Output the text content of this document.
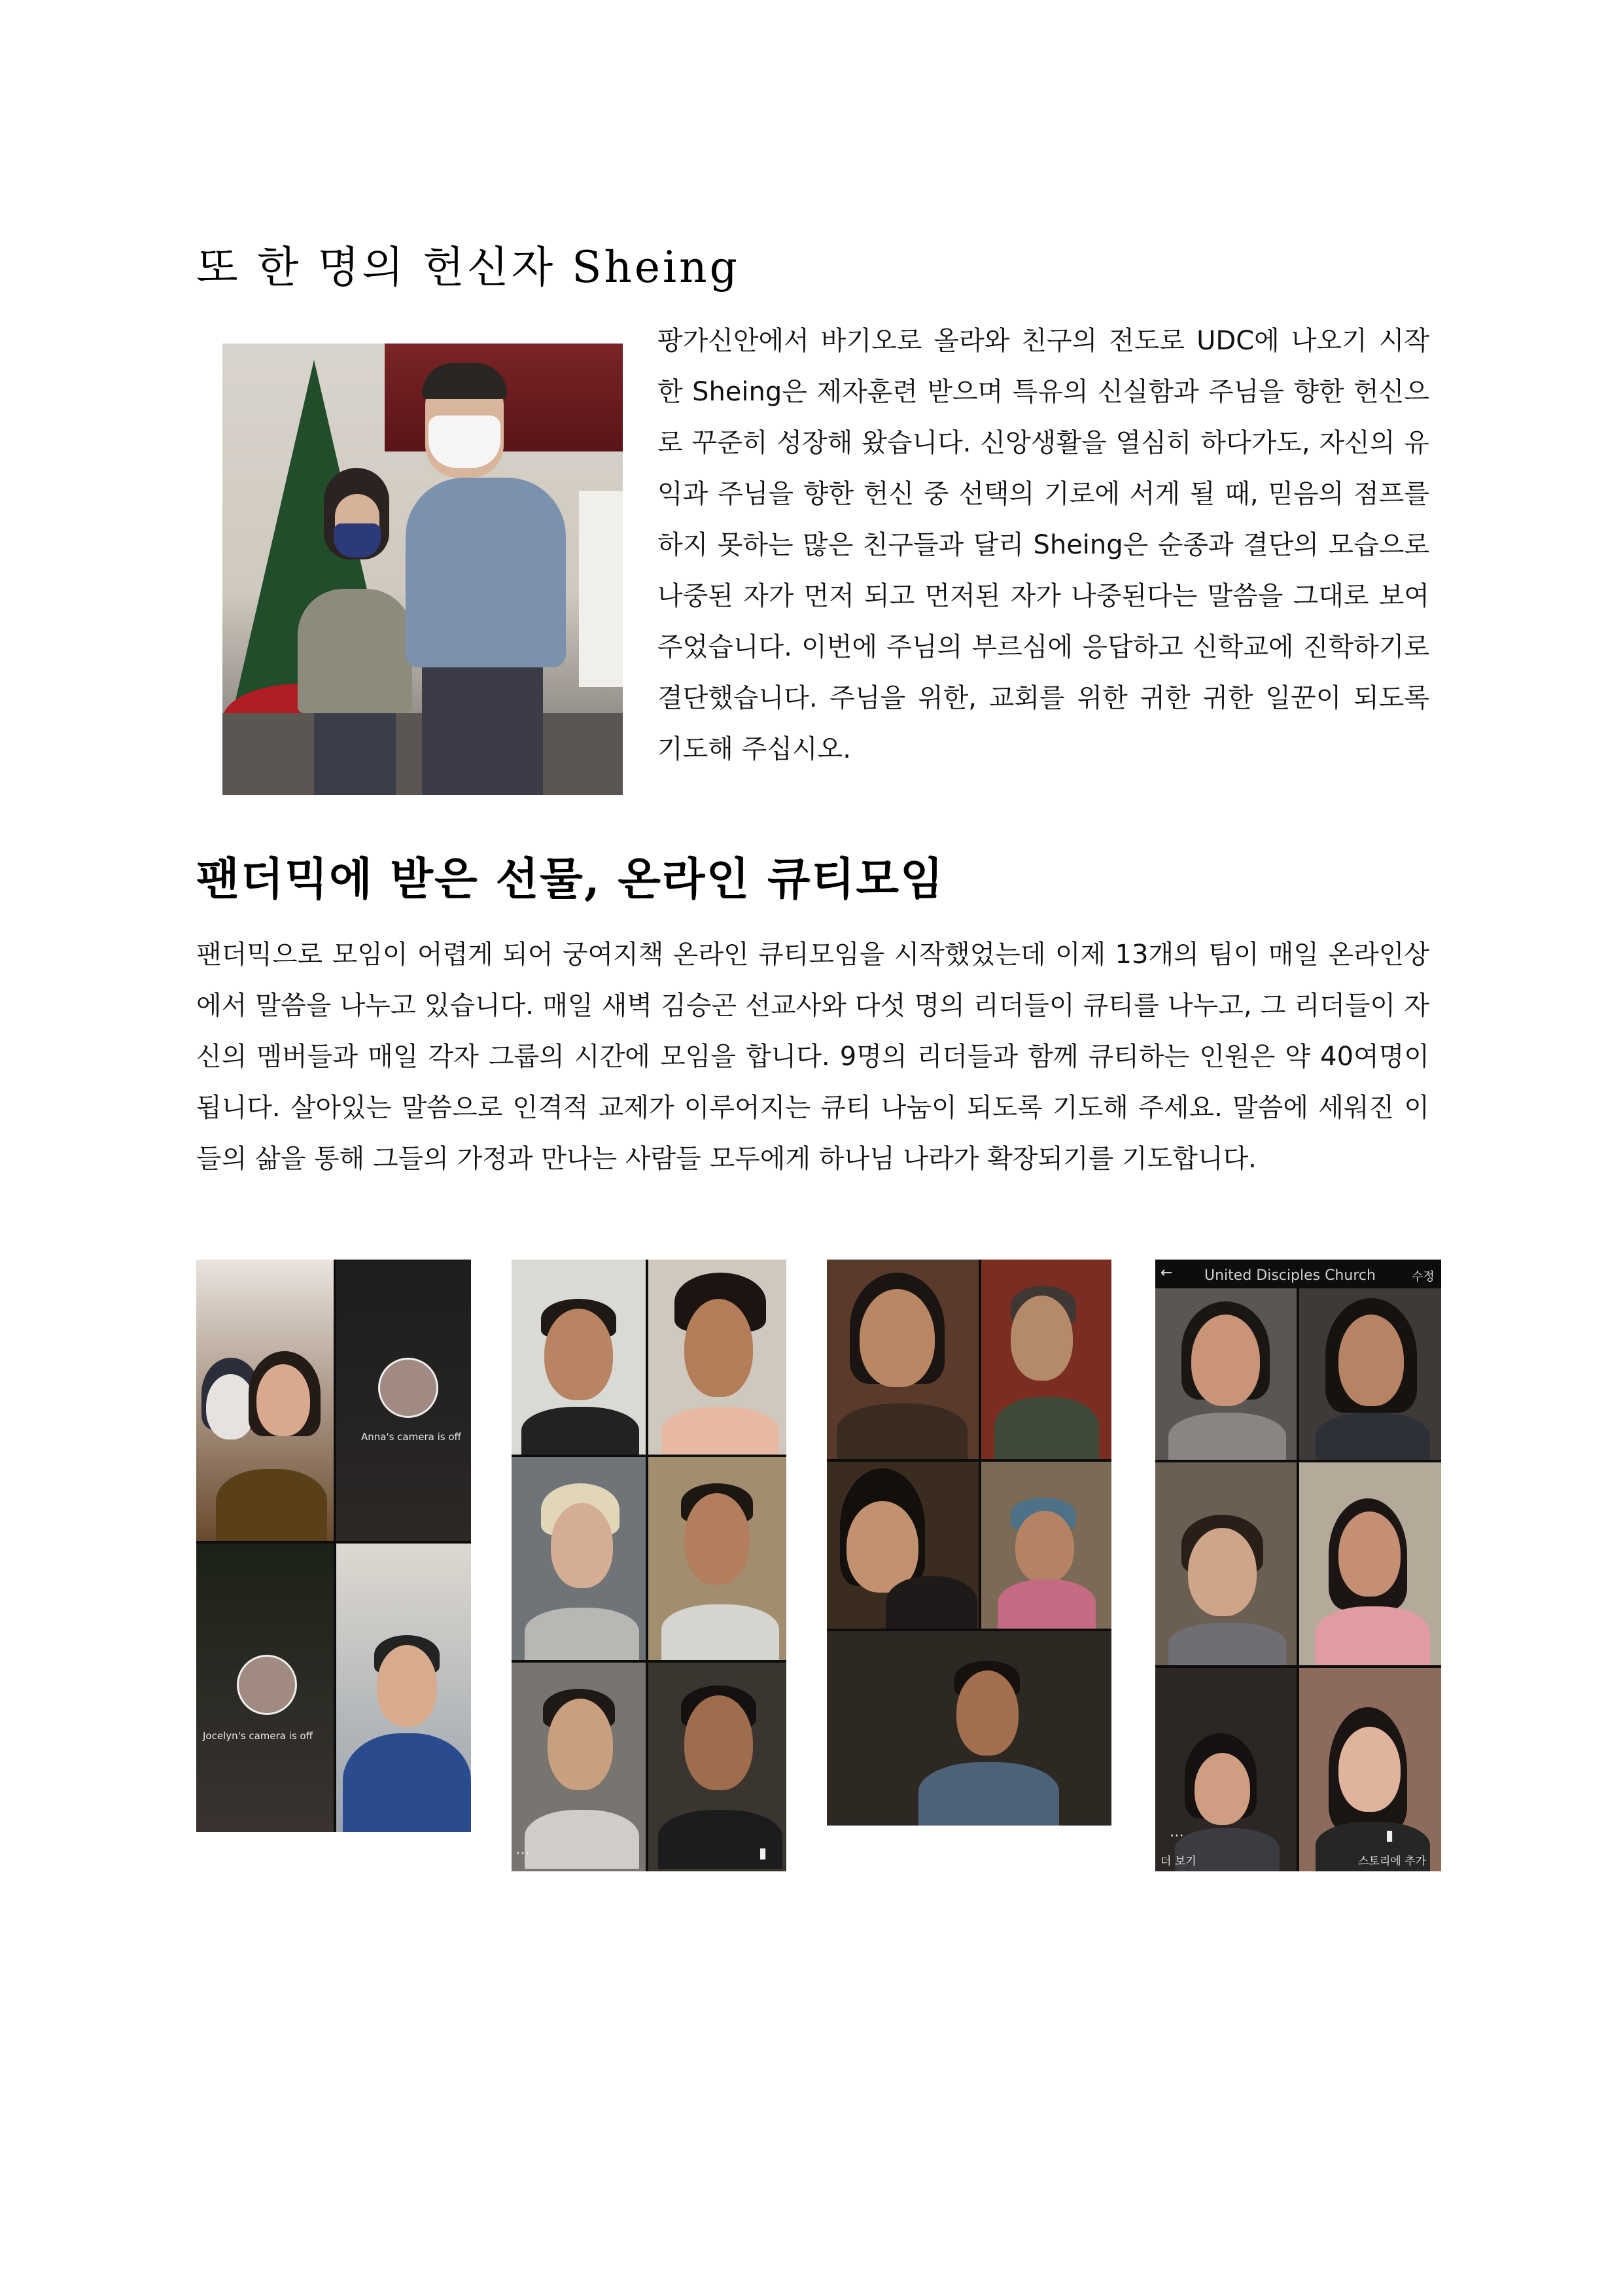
또 한 명의 헌신자 Sheing

팡가신안에서 바기오로 올라와 친구의 전도로 UDC에 나오기 시작한 Sheing은 제자훈련 받으며 특유의 신실함과 주님을 향한 헌신으로 꾸준히 성장해 왔습니다. 신앙생활을 열심히 하다가도, 자신의 유익과 주님을 향한 헌신 중 선택의 기로에 서게 될 때, 믿음의 점프를 하지 못하는 많은 친구들과 달리 Sheing은 순종과 결단의 모습으로 나중된 자가 먼저 되고 먼저된 자가 나중된다는 말씀을 그대로 보여주었습니다. 이번에 주님의 부르심에 응답하고 신학교에 진학하기로 결단했습니다. 주님을 위한, 교회를 위한 귀한 귀한 일꾼이 되도록 기도해 주십시오.

팬더믹에 받은 선물, 온라인 큐티모임

팬더믹으로 모임이 어렵게 되어 궁여지책 온라인 큐티모임을 시작했었는데 이제 13개의 팀이 매일 온라인상에서 말씀을 나누고 있습니다. 매일 새벽 김승곤 선교사와 다섯 명의 리더들이 큐티를 나누고, 그 리더들이 자신의 멤버들과 매일 각자 그룹의 시간에 모임을 합니다. 9명의 리더들과 함께 큐티하는 인원은 약 40여명이 됩니다. 살아있는 말씀으로 인격적 교제가 이루어지는 큐티 나눔이 되도록 기도해 주세요. 말씀에 세워진 이들의 삶을 통해 그들의 가정과 만나는 사람들 모두에게 하나님 나라가 확장되기를 기도합니다.

Anna's camera is off
Jocelyn's camera is off
⋯	▮
← United Disciples Church	수정
⋯
더 보기
▮
스토리에 추가
